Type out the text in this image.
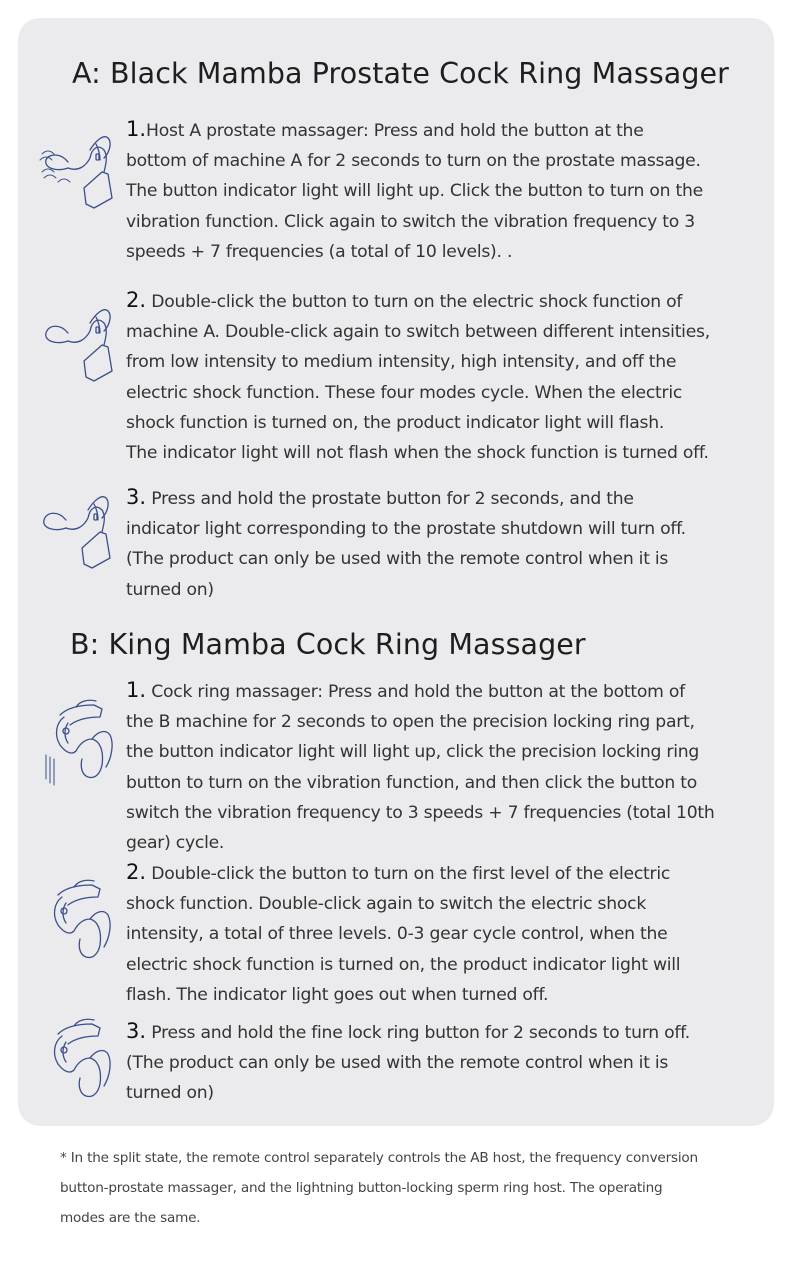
A: Black Mamba Prostate Cock Ring Massager
1.Host A prostate massager: Press and hold the button at the
bottom of machine A for 2 seconds to turn on the prostate massage.
The button indicator light will light up. Click the button to turn on the
vibration function. Click again to switch the vibration frequency to 3
speeds + 7 frequencies (a total of 10 levels). .
2. Double-click the button to turn on the electric shock function of
machine A. Double-click again to switch between different intensities,
from low intensity to medium intensity, high intensity, and off the
electric shock function. These four modes cycle. When the electric
shock function is turned on, the product indicator light will flash.
The indicator light will not flash when the shock function is turned off.
3. Press and hold the prostate button for 2 seconds, and the
indicator light corresponding to the prostate shutdown will turn off.
(The product can only be used with the remote control when it is
turned on)
B: King Mamba Cock Ring Massager
1. Cock ring massager: Press and hold the button at the bottom of
the B machine for 2 seconds to open the precision locking ring part,
the button indicator light will light up, click the precision locking ring
button to turn on the vibration function, and then click the button to
switch the vibration frequency to 3 speeds + 7 frequencies (total 10th
gear) cycle.
2. Double-click the button to turn on the first level of the electric
shock function. Double-click again to switch the electric shock
intensity, a total of three levels. 0-3 gear cycle control, when the
electric shock function is turned on, the product indicator light will
flash. The indicator light goes out when turned off.
3. Press and hold the fine lock ring button for 2 seconds to turn off.
(The product can only be used with the remote control when it is
turned on)
* In the split state, the remote control separately controls the AB host, the frequency conversion
button-prostate massager, and the lightning button-locking sperm ring host. The operating
modes are the same.
